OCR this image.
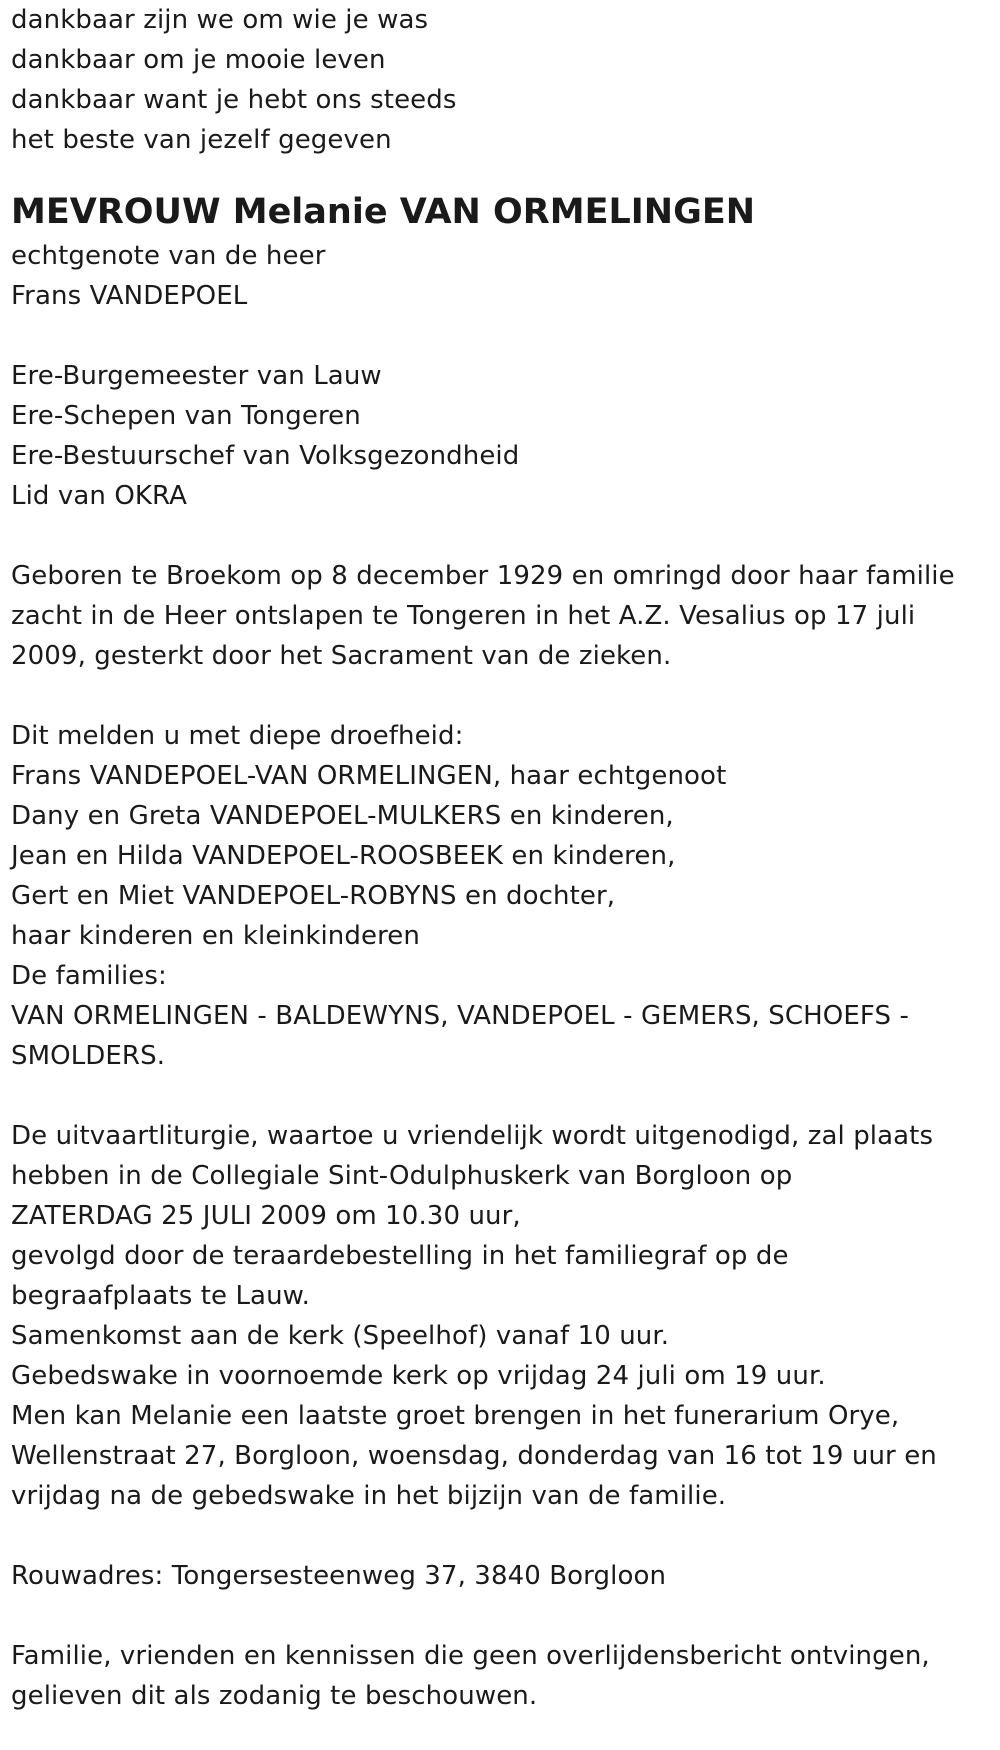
dankbaar zijn we om wie je was
dankbaar om je mooie leven
dankbaar want je hebt ons steeds
het beste van jezelf gegeven
MEVROUW Melanie VAN ORMELINGEN
echtgenote van de heer
Frans VANDEPOEL
Ere-Burgemeester van Lauw
Ere-Schepen van Tongeren
Ere-Bestuurschef van Volksgezondheid
Lid van OKRA
Geboren te Broekom op 8 december 1929 en omringd door haar familie
zacht in de Heer ontslapen te Tongeren in het A.Z. Vesalius op 17 juli
2009, gesterkt door het Sacrament van de zieken.
Dit melden u met diepe droefheid:
Frans VANDEPOEL-VAN ORMELINGEN, haar echtgenoot
Dany en Greta VANDEPOEL-MULKERS en kinderen,
Jean en Hilda VANDEPOEL-ROOSBEEK en kinderen,
Gert en Miet VANDEPOEL-ROBYNS en dochter,
haar kinderen en kleinkinderen
De families:
VAN ORMELINGEN - BALDEWYNS, VANDEPOEL - GEMERS, SCHOEFS -
SMOLDERS.
De uitvaartliturgie, waartoe u vriendelijk wordt uitgenodigd, zal plaats
hebben in de Collegiale Sint-Odulphuskerk van Borgloon op
ZATERDAG 25 JULI 2009 om 10.30 uur,
gevolgd door de teraardebestelling in het familiegraf op de
begraafplaats te Lauw.
Samenkomst aan de kerk (Speelhof) vanaf 10 uur.
Gebedswake in voornoemde kerk op vrijdag 24 juli om 19 uur.
Men kan Melanie een laatste groet brengen in het funerarium Orye,
Wellenstraat 27, Borgloon, woensdag, donderdag van 16 tot 19 uur en
vrijdag na de gebedswake in het bijzijn van de familie.
Rouwadres: Tongersesteenweg 37, 3840 Borgloon
Familie, vrienden en kennissen die geen overlijdensbericht ontvingen,
gelieven dit als zodanig te beschouwen.
